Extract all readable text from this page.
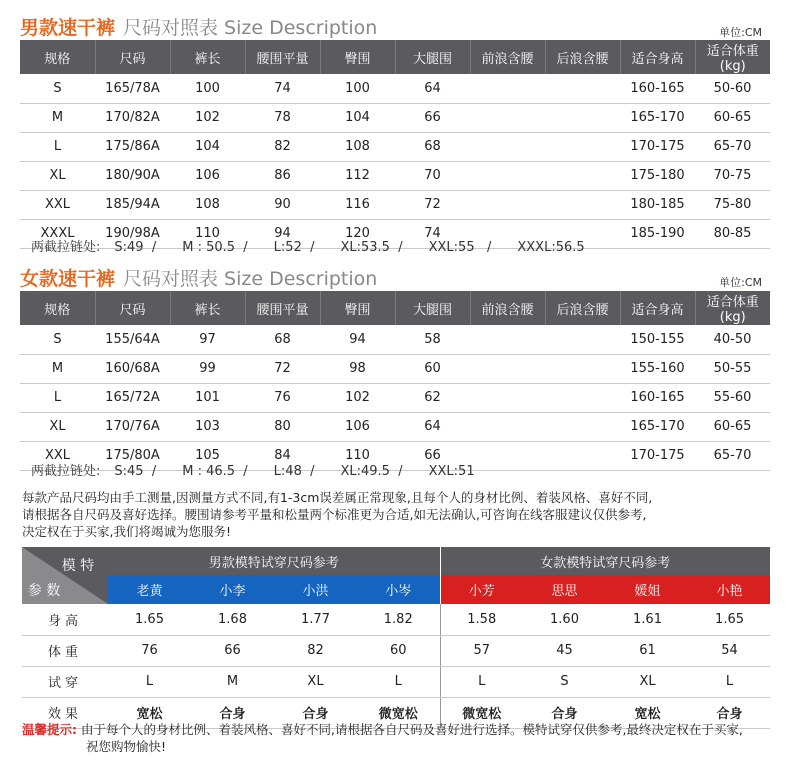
男款速干裤 尺码对照表 Size Description	单位:CM
规格	尺码	裤长	腰围平量	臀围	大腿围	前浪含腰	后浪含腰	适合身高	适合体重(kg)
S	165/78A	100	74	100	64			160-165	50-60
M	170/82A	102	78	104	66			165-170	60-65
L	175/86A	104	82	108	68			170-175	65-70
XL	180/90A	106	86	112	70			175-180	70-75
XXL	185/94A	108	90	116	72			180-185	75-80
XXXL	190/98A	110	94	120	74			185-190	80-85
两截拉链处: S:49  / M : 50.5  / L:52  / XL:53.5  / XXL:55   / XXXL:56.5
女款速干裤 尺码对照表 Size Description	单位:CM
规格	尺码	裤长	腰围平量	臀围	大腿围	前浪含腰	后浪含腰	适合身高	适合体重(kg)
S	155/64A	97	68	94	58			150-155	40-50
M	160/68A	99	72	98	60			155-160	50-55
L	165/72A	101	76	102	62			160-165	55-60
XL	170/76A	103	80	106	64			165-170	60-65
XXL	175/80A	105	84	110	66			170-175	65-70
两截拉链处: S:45  / M : 46.5  / L:48  / XL:49.5  / XXL:51
每款产品尺码均由手工测量,因测量方式不同,有1-3cm误差属正常现象,且每个人的身材比例、着装风格、喜好不同,
请根据各自尺码及喜好选择。腰围请参考平量和松量两个标准更为合适,如无法确认,可咨询在线客服建议仅供参考,
决定权在于买家,我们将竭诚为您服务!
模 特
参 数	男款模特试穿尺码参考				女款模特试穿尺码参考			
	老黄	小李	小洪	小岑	小芳	思思	媛姐	小艳
身高	1.65	1.68	1.77	1.82	1.58	1.60	1.61	1.65
体重	76	66	82	60	57	45	61	54
试穿	L	M	XL	L	L	S	XL	L
效果	宽松	合身	合身	微宽松	微宽松	合身	宽松	合身
温馨提示: 由于每个人的身材比例、着装风格、喜好不同,请根据各自尺码及喜好进行选择。模特试穿仅供参考,最终决定权在于买家,
祝您购物愉快!
